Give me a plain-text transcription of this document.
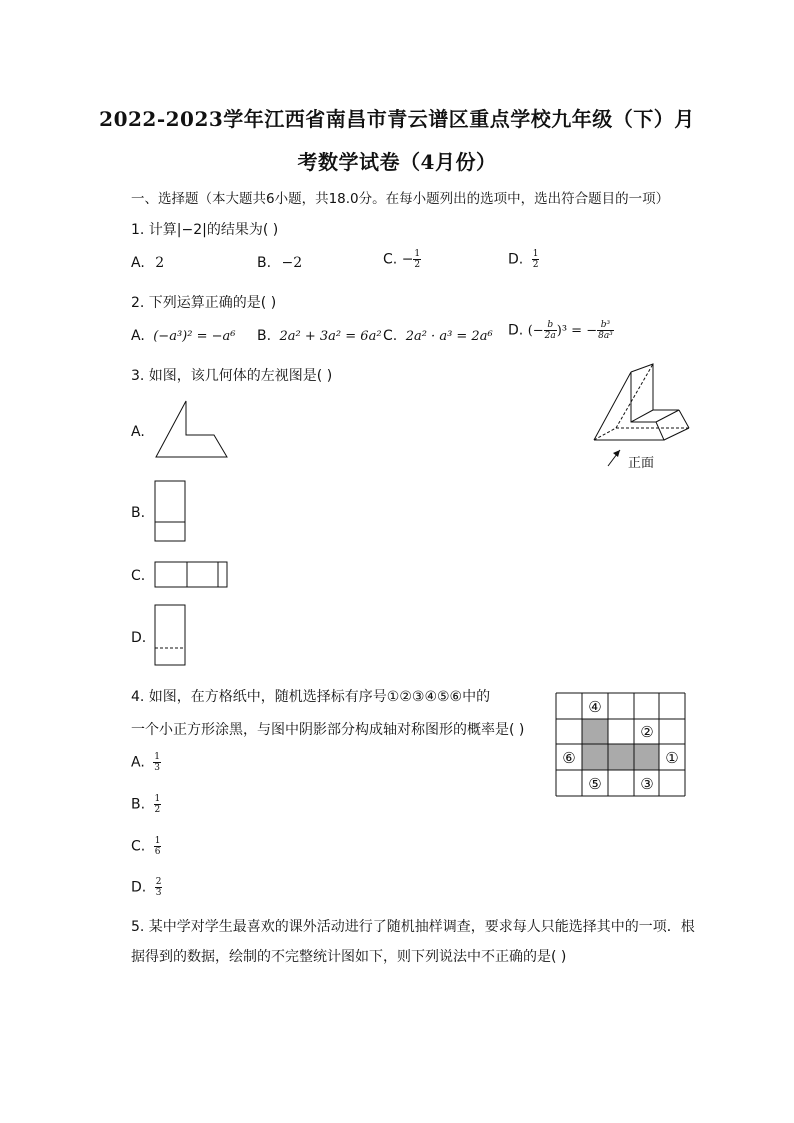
2022-2023学年江西省南昌市青云谱区重点学校九年级（下）月
考数学试卷（4月份）
一、选择题（本大题共6小题，共18.0分。在每小题列出的选项中，选出符合题目的一项）
1. 计算|−2|的结果为( )
A. 2	B. −2	C. − $\frac{1}{2}$	D. $\frac{1}{2}$
2. 下列运算正确的是( )
A. (−a³)² = −a⁶ B. 2a² + 3a² = 6a² C. 2a² · a³ = 2a⁶ D. (− $\frac{b}{2a} )^3$ = − $\frac{\text{b³}}{\text{8a³}}$
3. 如图，该几何体的左视图是( )
正面
A.
B.
C.
D.
4. 如图，在方格纸中，随机选择标有序号①②③④⑤⑥中的
一个小正方形涂黑，与图中阴影部分构成轴对称图形的概率是( )
④
②
⑥	①
⑤	③
A. $\frac{1}{3}$
B. $\frac{1}{2}$
C. $\frac{1}{6}$
D. $\frac{2}{3}$
5. 某中学对学生最喜欢的课外活动进行了随机抽样调查，要求每人只能选择其中的一项．根
据得到的数据，绘制的不完整统计图如下，则下列说法中不正确的是( )
